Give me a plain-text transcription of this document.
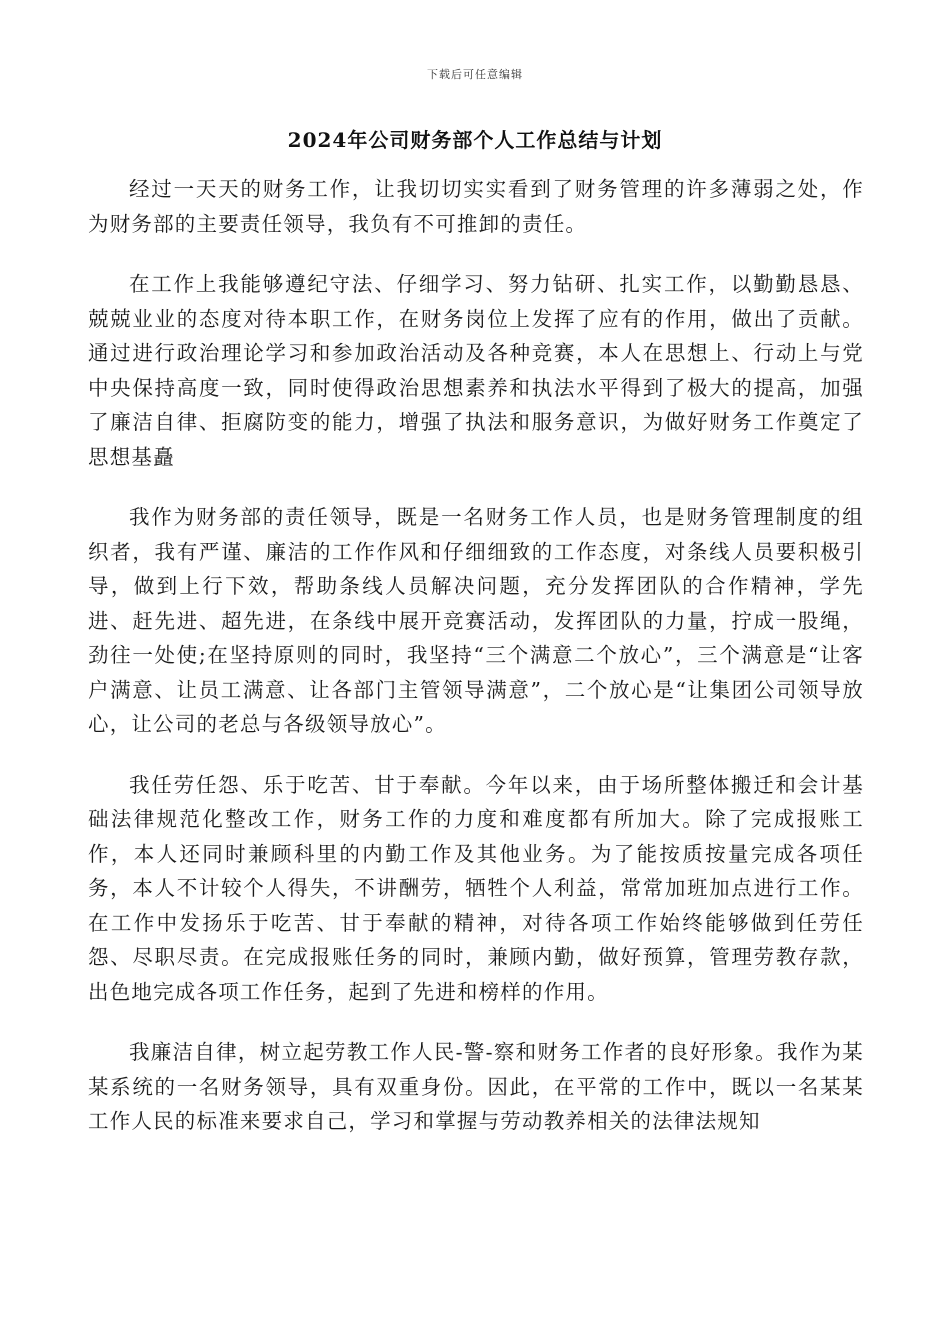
下载后可任意编辑
2024年公司财务部个人工作总结与计划

经过一天天的财务工作，让我切切实实看到了财务管理的许多薄弱之处，作为财务部的主要责任领导，我负有不可推卸的责任。

在工作上我能够遵纪守法、仔细学习、努力钻研、扎实工作，以勤勤恳恳、兢兢业业的态度对待本职工作，在财务岗位上发挥了应有的作用，做出了贡献。通过进行政治理论学习和参加政治活动及各种竞赛，本人在思想上、行动上与党中央保持高度一致，同时使得政治思想素养和执法水平得到了极大的提高，加强了廉洁自律、拒腐防变的能力，增强了执法和服务意识，为做好财务工作奠定了思想基矗

我作为财务部的责任领导，既是一名财务工作人员，也是财务管理制度的组织者，我有严谨、廉洁的工作作风和仔细细致的工作态度，对条线人员要积极引导，做到上行下效，帮助条线人员解决问题，充分发挥团队的合作精神，学先进、赶先进、超先进，在条线中展开竞赛活动，发挥团队的力量，拧成一股绳，劲往一处使;在坚持原则的同时，我坚持“三个满意二个放心”，三个满意是“让客户满意、让员工满意、让各部门主管领导满意”，二个放心是“让集团公司领导放心，让公司的老总与各级领导放心”。

我任劳任怨、乐于吃苦、甘于奉献。今年以来，由于场所整体搬迁和会计基础法律规范化整改工作，财务工作的力度和难度都有所加大。除了完成报账工作，本人还同时兼顾科里的内勤工作及其他业务。为了能按质按量完成各项任务，本人不计较个人得失，不讲酬劳，牺牲个人利益，常常加班加点进行工作。在工作中发扬乐于吃苦、甘于奉献的精神，对待各项工作始终能够做到任劳任怨、尽职尽责。在完成报账任务的同时，兼顾内勤，做好预算，管理劳教存款，出色地完成各项工作任务，起到了先进和榜样的作用。

我廉洁自律，树立起劳教工作人民-警-察和财务工作者的良好形象。我作为某某系统的一名财务领导，具有双重身份。因此，在平常的工作中，既以一名某某工作人民的标准来要求自己，学习和掌握与劳动教养相关的法律法规知
